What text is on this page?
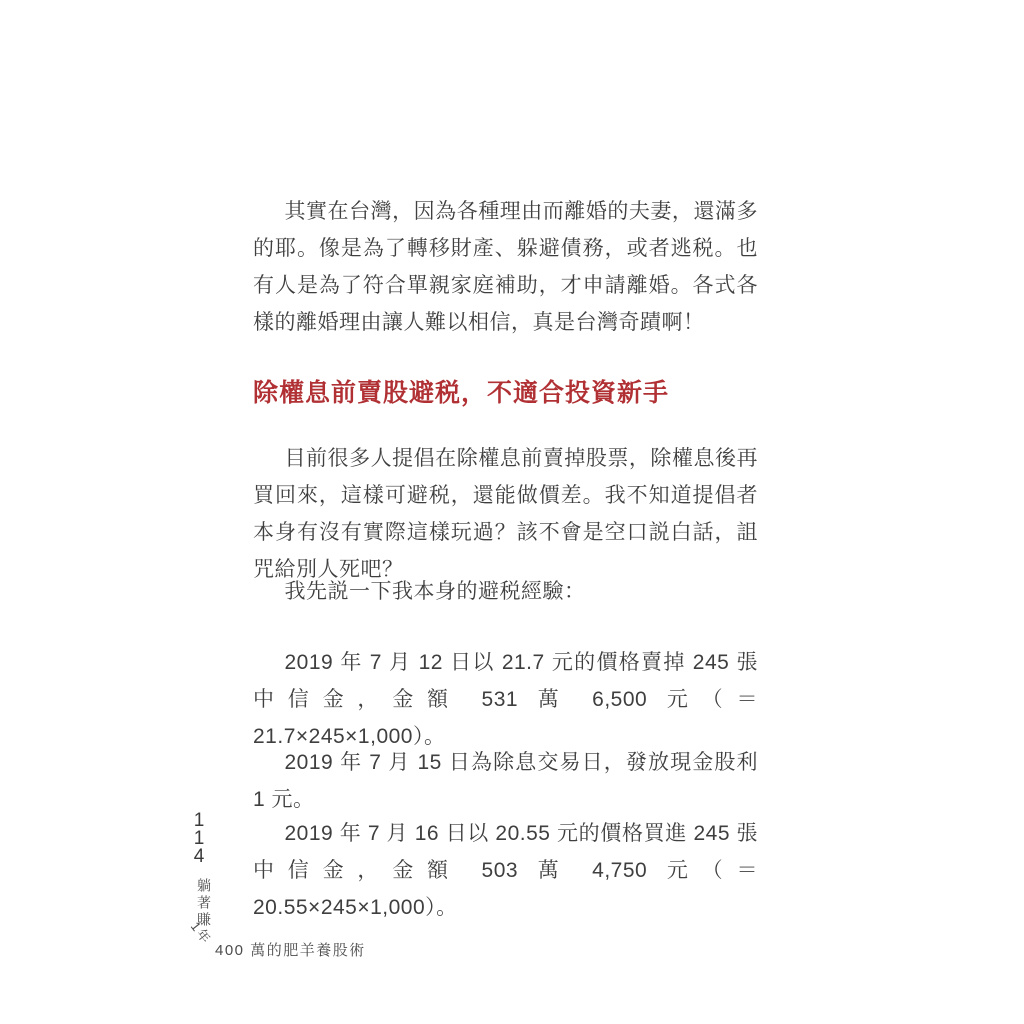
其實在台灣，因為各種理由而離婚的夫妻，還滿多的耶。像是為了轉移財產、躲避債務，或者逃税。也有人是為了符合單親家庭補助，才申請離婚。各式各樣的離婚理由讓人難以相信，真是台灣奇蹟啊！

除權息前賣股避税，不適合投資新手

目前很多人提倡在除權息前賣掉股票，除權息後再買回來，這樣可避税，還能做價差。我不知道提倡者本身有沒有實際這樣玩過？該不會是空口説白話，詛咒給別人死吧？

我先説一下我本身的避税經驗：

2019 年 7 月 12 日以 21.7 元的價格賣掉 245 張中信金，金額 531 萬 6,500 元（＝ 21.7×245×1,000）。

2019 年 7 月 15 日為除息交易日，發放現金股利 1 元。

2019 年 7 月 16 日以 20.55 元的價格買進 245 張中信金，金額 503 萬 4,750 元（＝ 20.55×245×1,000）。

114
躺著賺
1年
400 萬的肥羊養股術
